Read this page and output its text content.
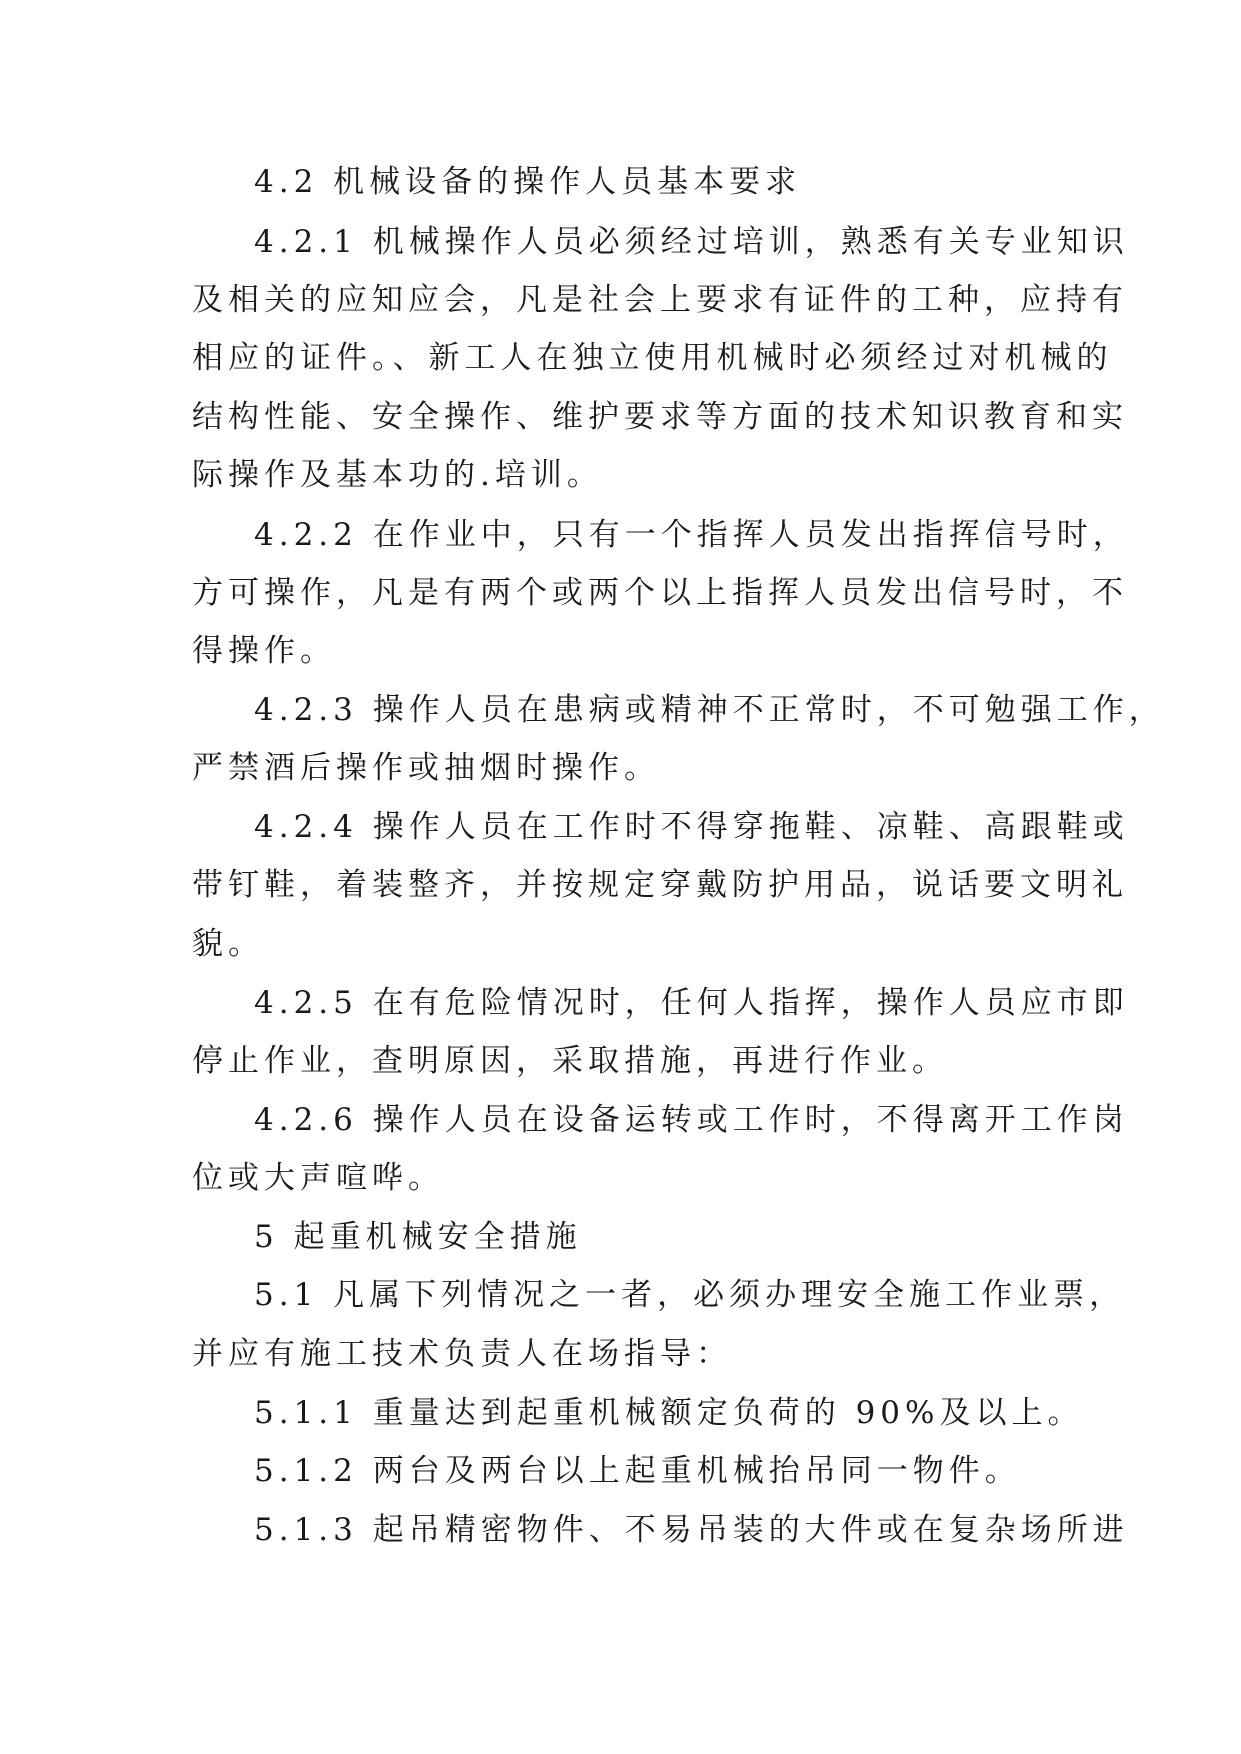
4.2 机械设备的操作人员基本要求
4.2.1 机械操作人员必须经过培训，熟悉有关专业知识
及相关的应知应会，凡是社会上要求有证件的工种，应持有
相应的证件。、新工人在独立使用机械时必须经过对机械的
结构性能、安全操作、维护要求等方面的技术知识教育和实
际操作及基本功的.培训。
4.2.2 在作业中，只有一个指挥人员发出指挥信号时，
方可操作，凡是有两个或两个以上指挥人员发出信号时，不
得操作。
4.2.3 操作人员在患病或精神不正常时，不可勉强工作，
严禁酒后操作或抽烟时操作。
4.2.4 操作人员在工作时不得穿拖鞋、凉鞋、高跟鞋或
带钉鞋，着装整齐，并按规定穿戴防护用品，说话要文明礼
貌。
4.2.5 在有危险情况时，任何人指挥，操作人员应市即
停止作业，查明原因，采取措施，再进行作业。
4.2.6 操作人员在设备运转或工作时，不得离开工作岗
位或大声喧哗。
5 起重机械安全措施
5.1 凡属下列情况之一者，必须办理安全施工作业票，
并应有施工技术负责人在场指导：
5.1.1 重量达到起重机械额定负荷的 90%及以上。
5.1.2 两台及两台以上起重机械抬吊同一物件。
5.1.3 起吊精密物件、不易吊装的大件或在复杂场所进
